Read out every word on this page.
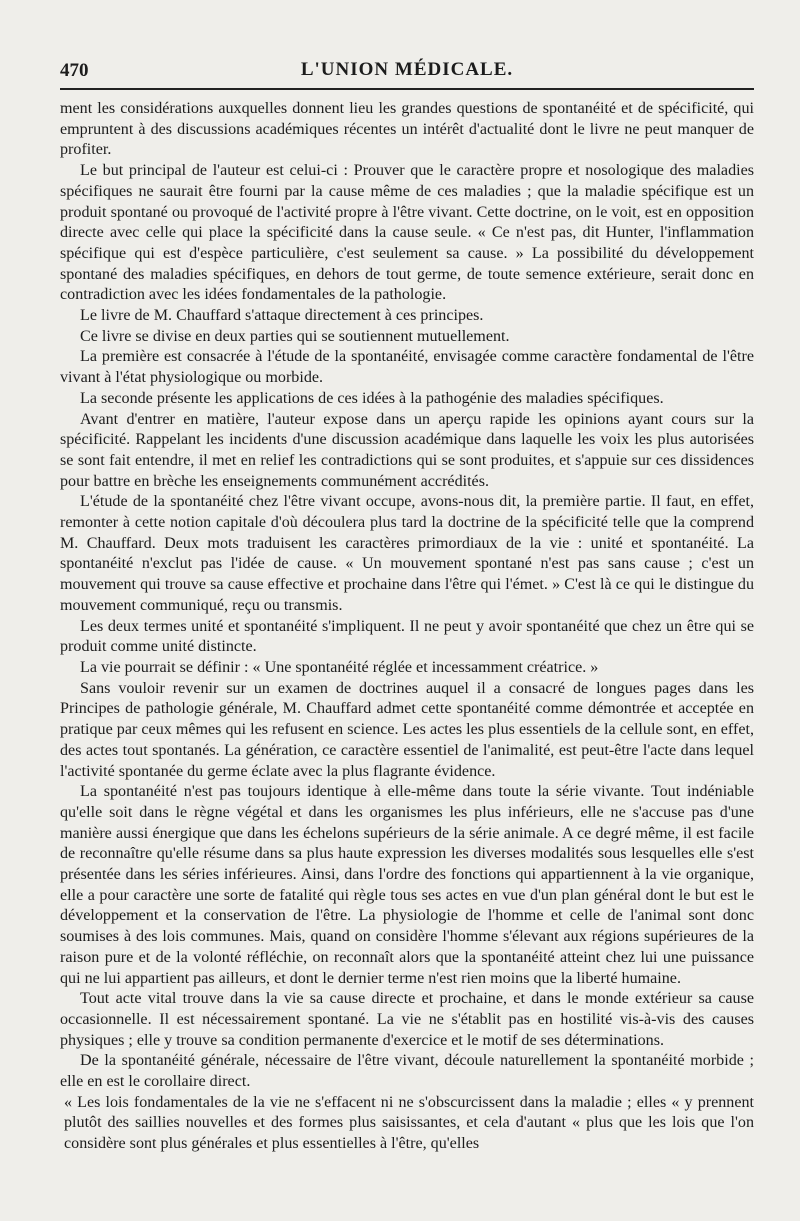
470	L'UNION MÉDICALE.

ment les considérations auxquelles donnent lieu les grandes questions de spontanéité et de spécificité, qui empruntent à des discussions académiques récentes un intérêt d'actualité dont le livre ne peut manquer de profiter.

Le but principal de l'auteur est celui-ci : Prouver que le caractère propre et nosologique des maladies spécifiques ne saurait être fourni par la cause même de ces maladies ; que la maladie spécifique est un produit spontané ou provoqué de l'activité propre à l'être vivant. Cette doctrine, on le voit, est en opposition directe avec celle qui place la spécificité dans la cause seule. « Ce n'est pas, dit Hunter, l'inflammation spécifique qui est d'espèce particulière, c'est seulement sa cause. » La possibilité du développement spontané des maladies spécifiques, en dehors de tout germe, de toute semence extérieure, serait donc en contradiction avec les idées fondamentales de la pathologie.

Le livre de M. Chauffard s'attaque directement à ces principes.

Ce livre se divise en deux parties qui se soutiennent mutuellement.

La première est consacrée à l'étude de la spontanéité, envisagée comme caractère fondamental de l'être vivant à l'état physiologique ou morbide.

La seconde présente les applications de ces idées à la pathogénie des maladies spécifiques.

Avant d'entrer en matière, l'auteur expose dans un aperçu rapide les opinions ayant cours sur la spécificité. Rappelant les incidents d'une discussion académique dans laquelle les voix les plus autorisées se sont fait entendre, il met en relief les contradictions qui se sont produites, et s'appuie sur ces dissidences pour battre en brèche les enseignements communément accrédités.

L'étude de la spontanéité chez l'être vivant occupe, avons-nous dit, la première partie. Il faut, en effet, remonter à cette notion capitale d'où découlera plus tard la doctrine de la spécificité telle que la comprend M. Chauffard. Deux mots traduisent les caractères primordiaux de la vie : unité et spontanéité. La spontanéité n'exclut pas l'idée de cause. « Un mouvement spontané n'est pas sans cause ; c'est un mouvement qui trouve sa cause effective et prochaine dans l'être qui l'émet. » C'est là ce qui le distingue du mouvement communiqué, reçu ou transmis.

Les deux termes unité et spontanéité s'impliquent. Il ne peut y avoir spontanéité que chez un être qui se produit comme unité distincte.

La vie pourrait se définir : « Une spontanéité réglée et incessamment créatrice. »

Sans vouloir revenir sur un examen de doctrines auquel il a consacré de longues pages dans les Principes de pathologie générale, M. Chauffard admet cette spontanéité comme démontrée et acceptée en pratique par ceux mêmes qui les refusent en science. Les actes les plus essentiels de la cellule sont, en effet, des actes tout spontanés. La génération, ce caractère essentiel de l'animalité, est peut-être l'acte dans lequel l'activité spontanée du germe éclate avec la plus flagrante évidence.

La spontanéité n'est pas toujours identique à elle-même dans toute la série vivante. Tout indéniable qu'elle soit dans le règne végétal et dans les organismes les plus inférieurs, elle ne s'accuse pas d'une manière aussi énergique que dans les échelons supérieurs de la série animale. A ce degré même, il est facile de reconnaître qu'elle résume dans sa plus haute expression les diverses modalités sous lesquelles elle s'est présentée dans les séries inférieures. Ainsi, dans l'ordre des fonctions qui appartiennent à la vie organique, elle a pour caractère une sorte de fatalité qui règle tous ses actes en vue d'un plan général dont le but est le développement et la conservation de l'être. La physiologie de l'homme et celle de l'animal sont donc soumises à des lois communes. Mais, quand on considère l'homme s'élevant aux régions supérieures de la raison pure et de la volonté réfléchie, on reconnaît alors que la spontanéité atteint chez lui une puissance qui ne lui appartient pas ailleurs, et dont le dernier terme n'est rien moins que la liberté humaine.

Tout acte vital trouve dans la vie sa cause directe et prochaine, et dans le monde extérieur sa cause occasionnelle. Il est nécessairement spontané. La vie ne s'établit pas en hostilité vis-à-vis des causes physiques ; elle y trouve sa condition permanente d'exercice et le motif de ses déterminations.

De la spontanéité générale, nécessaire de l'être vivant, découle naturellement la spontanéité morbide ; elle en est le corollaire direct.

« Les lois fondamentales de la vie ne s'effacent ni ne s'obscurcissent dans la maladie ; elles « y prennent plutôt des saillies nouvelles et des formes plus saisissantes, et cela d'autant « plus que les lois que l'on considère sont plus générales et plus essentielles à l'être, qu'elles
